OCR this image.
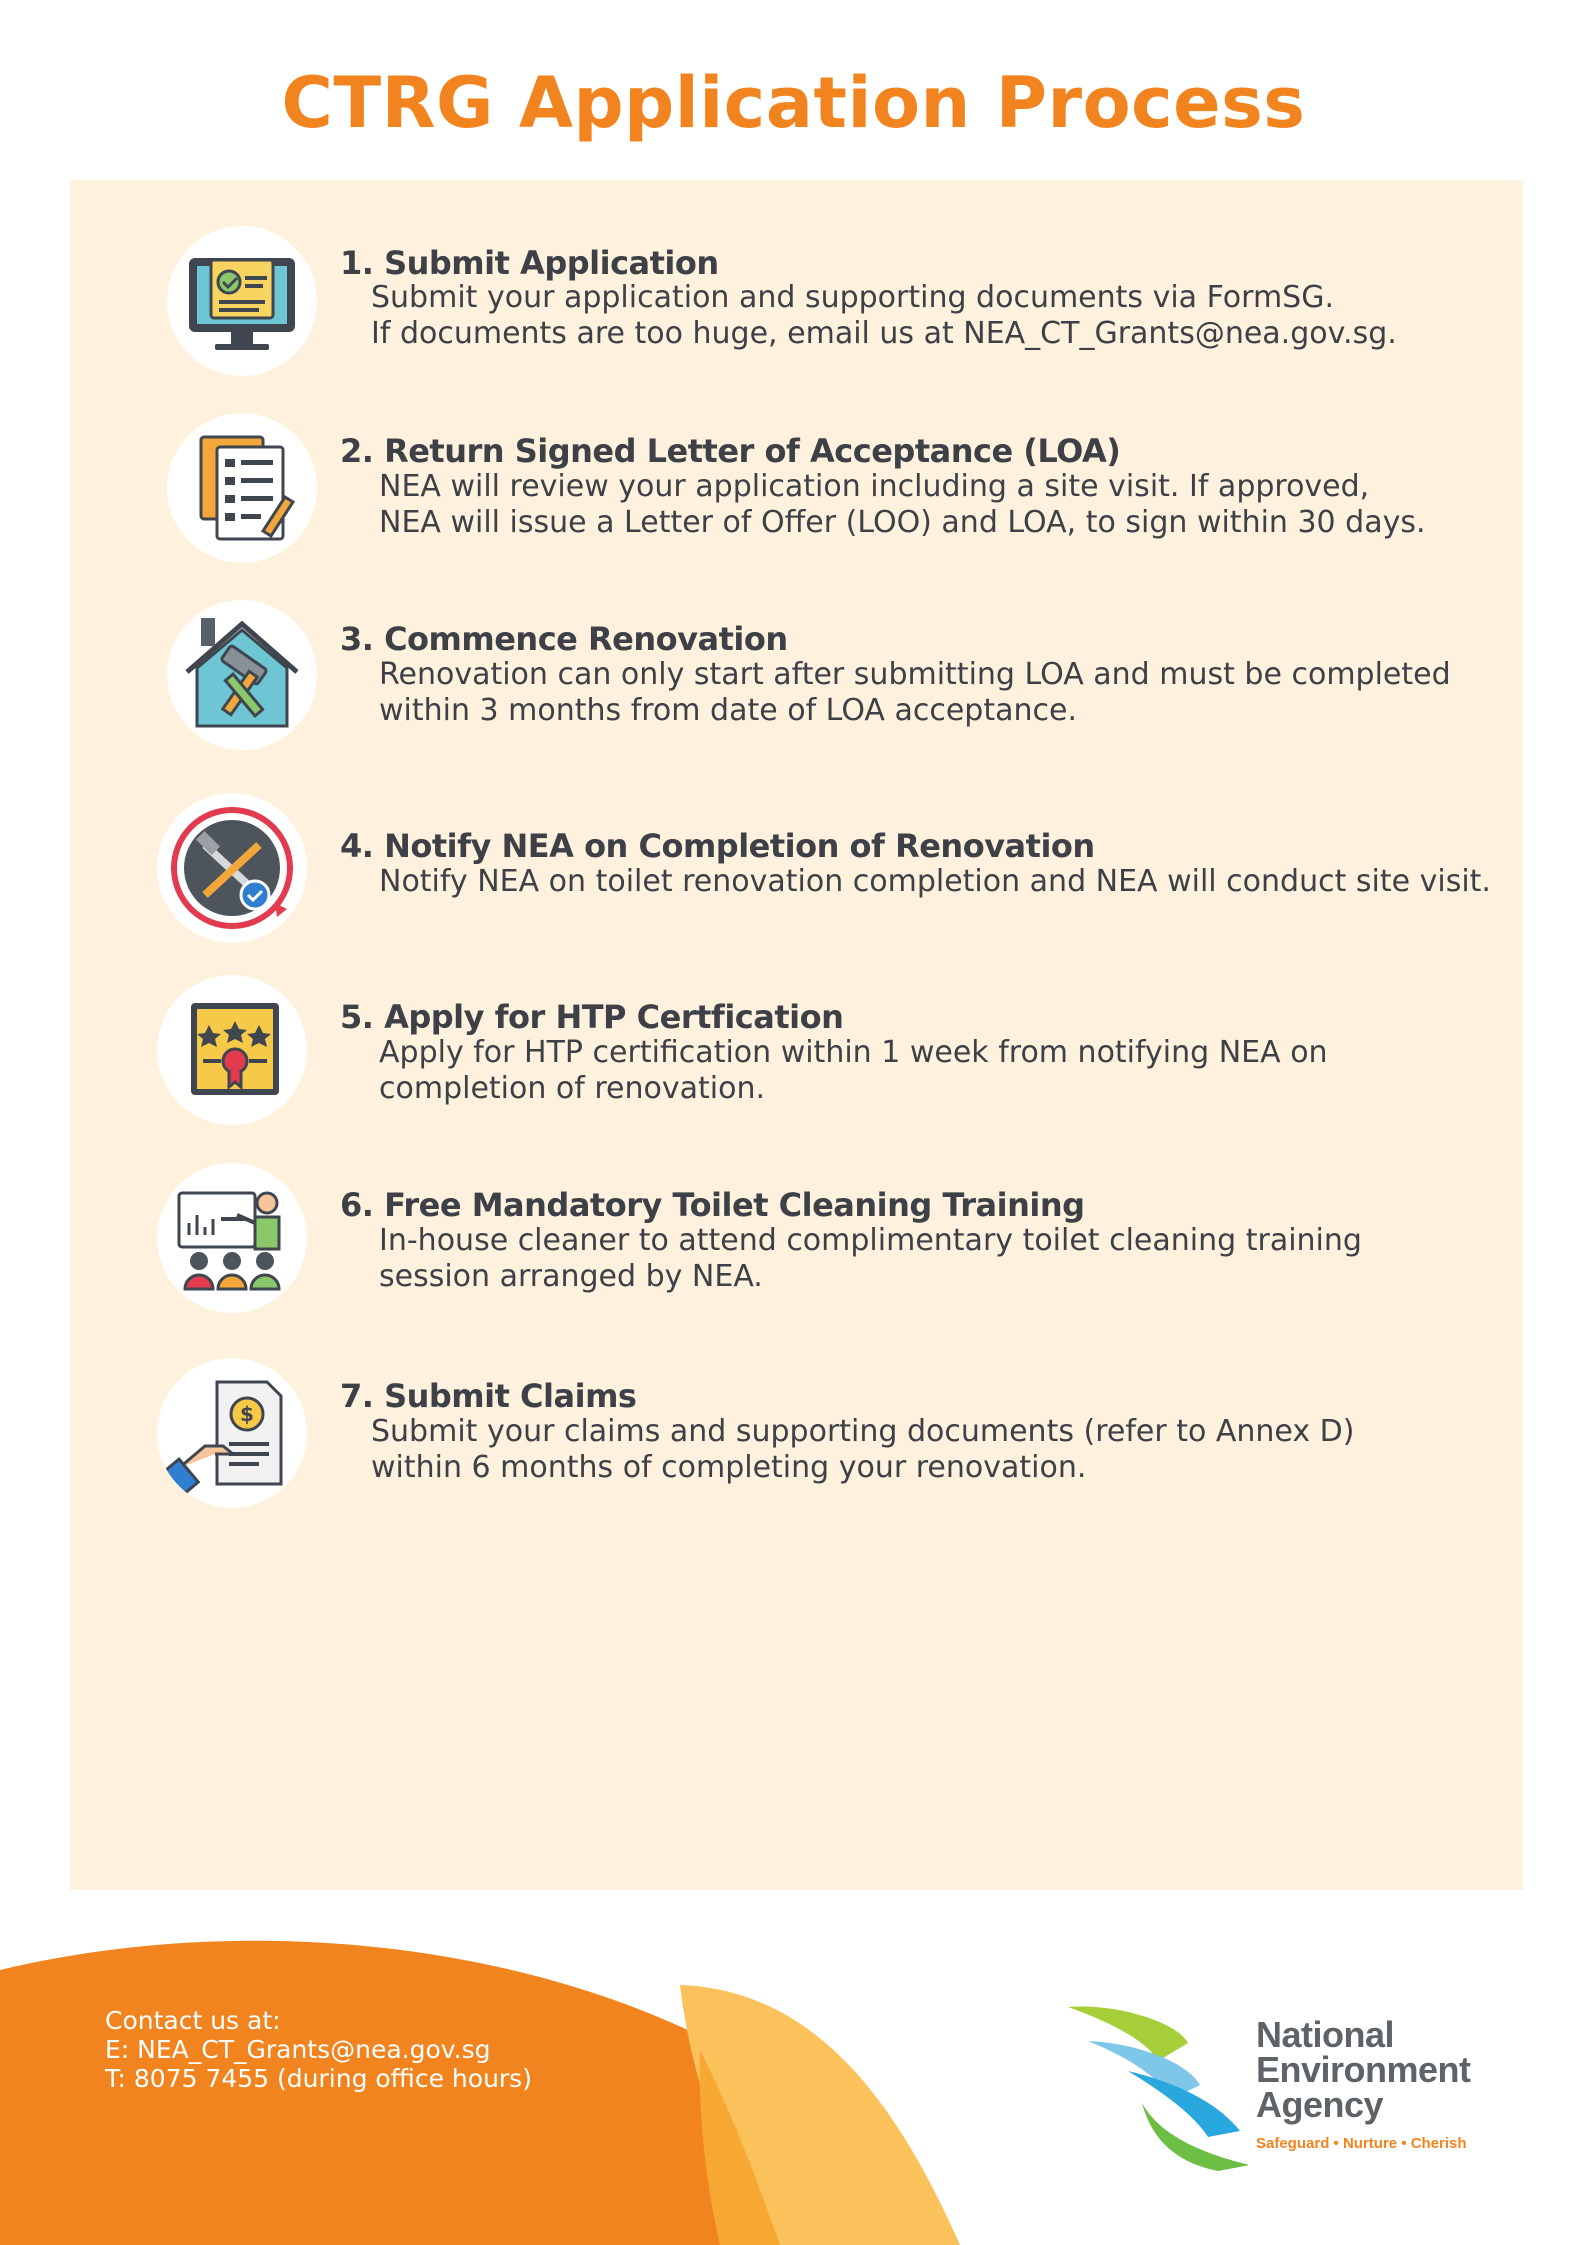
CTRG Application Process
1. Submit Application
Submit your application and supporting documents via FormSG.
If documents are too huge, email us at NEA_CT_Grants@nea.gov.sg.
2. Return Signed Letter of Acceptance (LOA)
NEA will review your application including a site visit. If approved,
NEA will issue a Letter of Offer (LOO) and LOA, to sign within 30 days.
3. Commence Renovation
Renovation can only start after submitting LOA and must be completed
within 3 months from date of LOA acceptance.
4. Notify NEA on Completion of Renovation
Notify NEA on toilet renovation completion and NEA will conduct site visit.
5. Apply for HTP Certfication
Apply for HTP certification within 1 week from notifying NEA on
completion of renovation.
6. Free Mandatory Toilet Cleaning Training
In-house cleaner to attend complimentary toilet cleaning training
session arranged by NEA.
$	7. Submit Claims
Submit your claims and supporting documents (refer to Annex D)
within 6 months of completing your renovation.
Contact us at:
E: NEA_CT_Grants@nea.gov.sg
T: 8075 7455 (during office hours)
National
Environment
Agency
Safeguard • Nurture • Cherish
